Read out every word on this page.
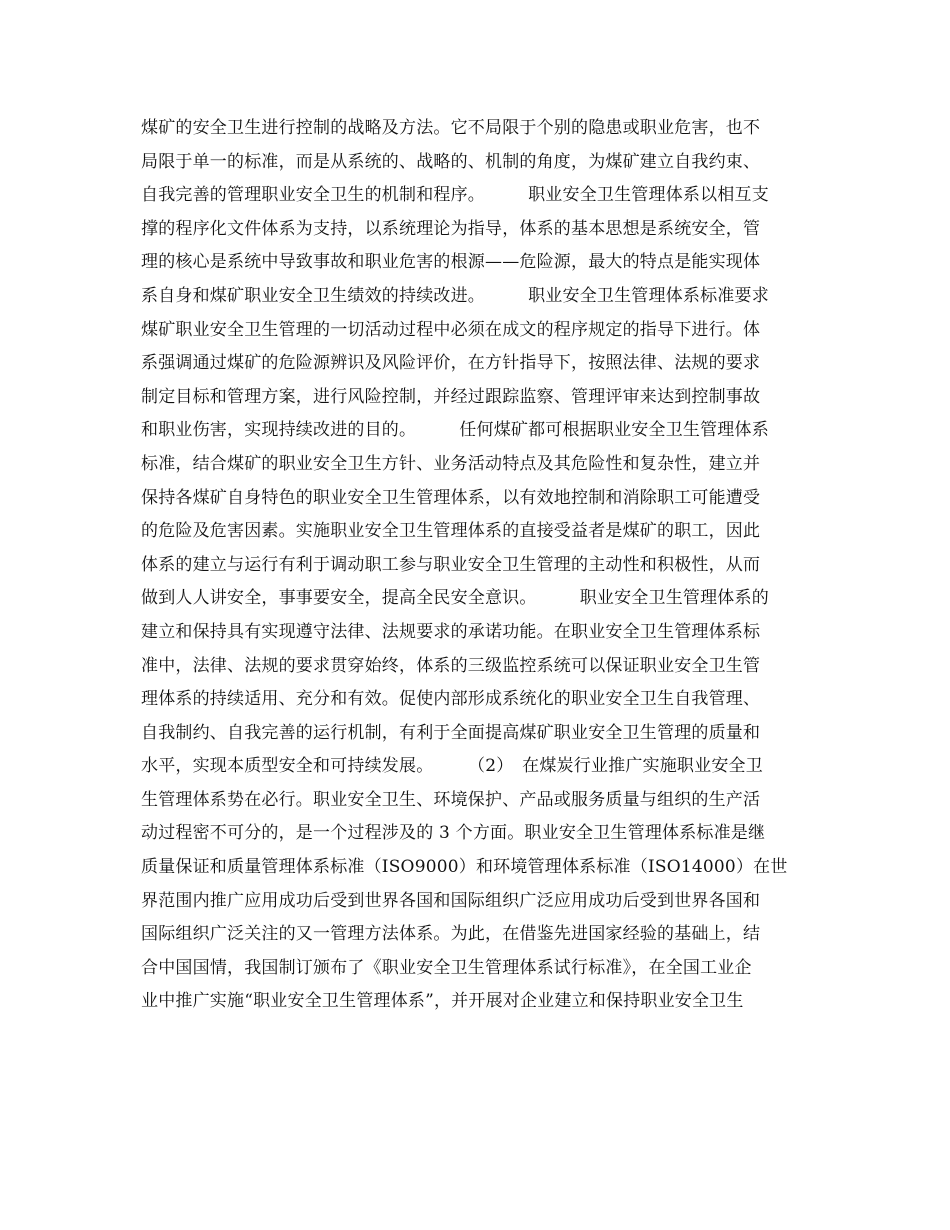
煤矿的安全卫生进行控制的战略及方法。它不局限于个别的隐患或职业危害，也不
局限于单一的标准，而是从系统的、战略的、机制的角度，为煤矿建立自我约束、
自我完善的管理职业安全卫生的机制和程序。　　　职业安全卫生管理体系以相互支
撑的程序化文件体系为支持，以系统理论为指导，体系的基本思想是系统安全，管
理的核心是系统中导致事故和职业危害的根源——危险源，最大的特点是能实现体
系自身和煤矿职业安全卫生绩效的持续改进。　　　职业安全卫生管理体系标准要求
煤矿职业安全卫生管理的一切活动过程中必须在成文的程序规定的指导下进行。体
系强调通过煤矿的危险源辨识及风险评价，在方针指导下，按照法律、法规的要求
制定目标和管理方案，进行风险控制，并经过跟踪监察、管理评审来达到控制事故
和职业伤害，实现持续改进的目的。　　　任何煤矿都可根据职业安全卫生管理体系
标准，结合煤矿的职业安全卫生方针、业务活动特点及其危险性和复杂性，建立并
保持各煤矿自身特色的职业安全卫生管理体系，以有效地控制和消除职工可能遭受
的危险及危害因素。实施职业安全卫生管理体系的直接受益者是煤矿的职工，因此
体系的建立与运行有利于调动职工参与职业安全卫生管理的主动性和积极性，从而
做到人人讲安全，事事要安全，提高全民安全意识。　　　职业安全卫生管理体系的
建立和保持具有实现遵守法律、法规要求的承诺功能。在职业安全卫生管理体系标
准中，法律、法规的要求贯穿始终，体系的三级监控系统可以保证职业安全卫生管
理体系的持续适用、充分和有效。促使内部形成系统化的职业安全卫生自我管理、
自我制约、自我完善的运行机制，有利于全面提高煤矿职业安全卫生管理的质量和
水平，实现本质型安全和可持续发展。　　　（2）　在煤炭行业推广实施职业安全卫
生管理体系势在必行。职业安全卫生、环境保护、产品或服务质量与组织的生产活
动过程密不可分的，是一个过程涉及的 3 个方面。职业安全卫生管理体系标准是继
质量保证和质量管理体系标准（ISO9000）和环境管理体系标准（ISO14000）在世
界范围内推广应用成功后受到世界各国和国际组织广泛应用成功后受到世界各国和
国际组织广泛关注的又一管理方法体系。为此，在借鉴先进国家经验的基础上，结
合中国国情，我国制订颁布了《职业安全卫生管理体系试行标准》，在全国工业企
业中推广实施“职业安全卫生管理体系”，并开展对企业建立和保持职业安全卫生
